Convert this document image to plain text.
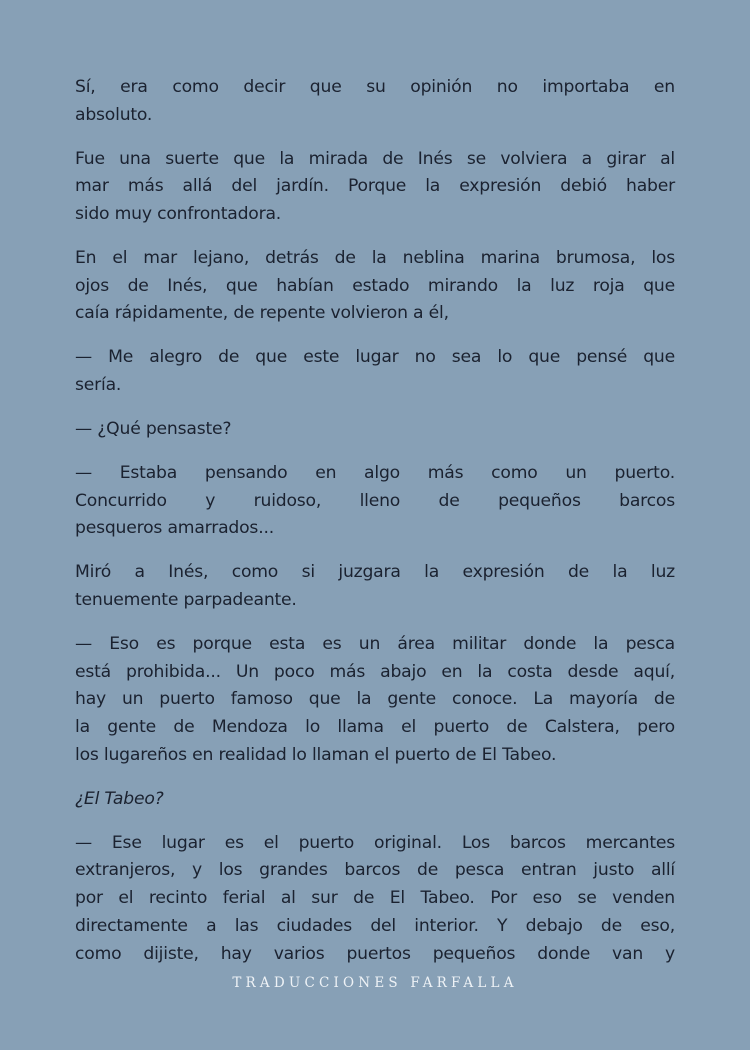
Sí, era como decir que su opinión no importaba en
absoluto.

Fue una suerte que la mirada de Inés se volviera a girar al
mar más allá del jardín. Porque la expresión debió haber
sido muy confrontadora.

En el mar lejano, detrás de la neblina marina brumosa, los
ojos de Inés, que habían estado mirando la luz roja que
caía rápidamente, de repente volvieron a él,

— Me alegro de que este lugar no sea lo que pensé que
sería.

— ¿Qué pensaste?

— Estaba pensando en algo más como un puerto.
Concurrido y ruidoso, lleno de pequeños barcos
pesqueros amarrados...

Miró a Inés, como si juzgara la expresión de la luz
tenuemente parpadeante.

— Eso es porque esta es un área militar donde la pesca
está prohibida... Un poco más abajo en la costa desde aquí,
hay un puerto famoso que la gente conoce. La mayoría de
la gente de Mendoza lo llama el puerto de Calstera, pero
los lugareños en realidad lo llaman el puerto de El Tabeo.

¿El Tabeo?

— Ese lugar es el puerto original. Los barcos mercantes
extranjeros, y los grandes barcos de pesca entran justo allí
por el recinto ferial al sur de El Tabeo. Por eso se venden
directamente a las ciudades del interior. Y debajo de eso,
como dijiste, hay varios puertos pequeños donde van y

TRADUCCIONES FARFALLA
